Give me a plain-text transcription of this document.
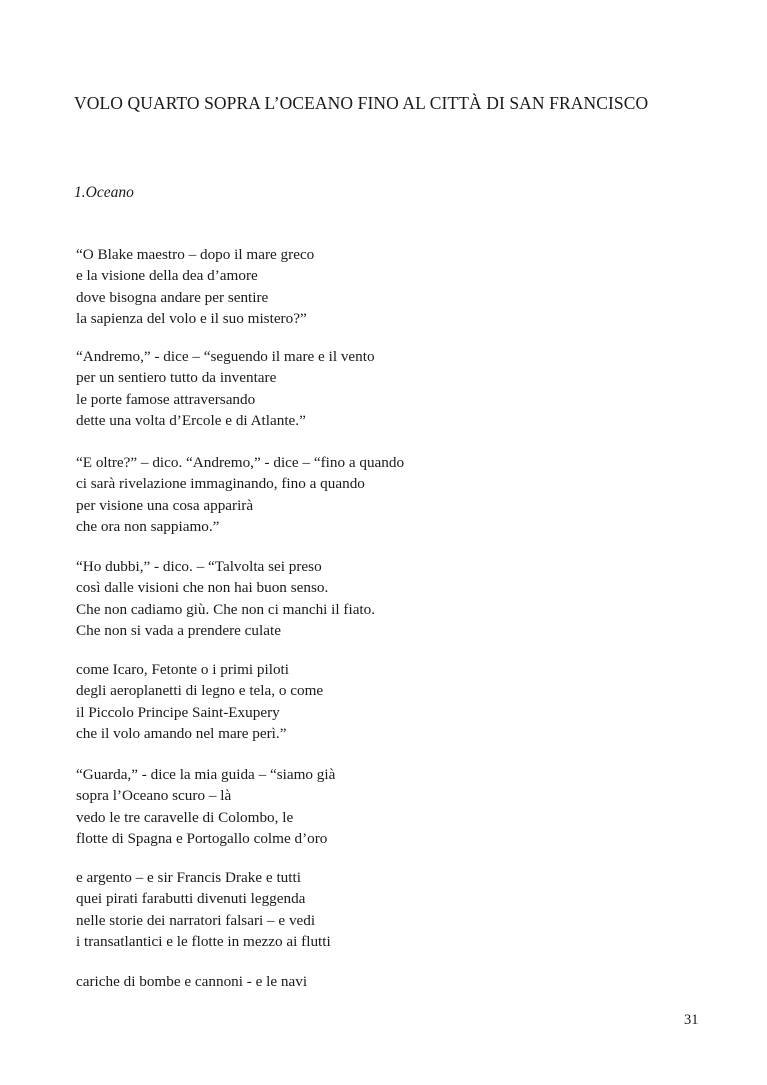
VOLO QUARTO SOPRA L’OCEANO FINO AL CITTÀ DI SAN FRANCISCO
1.Oceano
“O Blake maestro – dopo il mare greco
e la visione della dea d’amore
dove bisogna andare per sentire
la sapienza del volo e il suo mistero?”
“Andremo,” - dice – “seguendo il mare e il vento
per un sentiero tutto da inventare
le porte famose attraversando
dette una volta d’Ercole e di Atlante.”
“E oltre?” – dico. “Andremo,” - dice – “fino a quando
ci sarà rivelazione immaginando, fino a quando
per visione una cosa apparirà
che ora non sappiamo.”
“Ho dubbi,” - dico. – “Talvolta sei preso
così dalle visioni che non hai buon senso.
Che non cadiamo giù. Che non ci manchi il fiato.
Che non si vada a prendere culate
come Icaro, Fetonte o i primi piloti
degli aeroplanetti di legno e tela, o come
il Piccolo Principe Saint-Exupery
che il volo amando nel mare perì.”
“Guarda,” - dice la mia guida – “siamo già
sopra l’Oceano scuro – là
vedo le tre caravelle di Colombo, le
flotte di Spagna e Portogallo colme d’oro
e argento – e sir Francis Drake e tutti
quei pirati farabutti divenuti leggenda
nelle storie dei narratori falsari – e vedi
i transatlantici e le flotte in mezzo ai flutti
cariche di bombe e cannoni - e le navi
31
